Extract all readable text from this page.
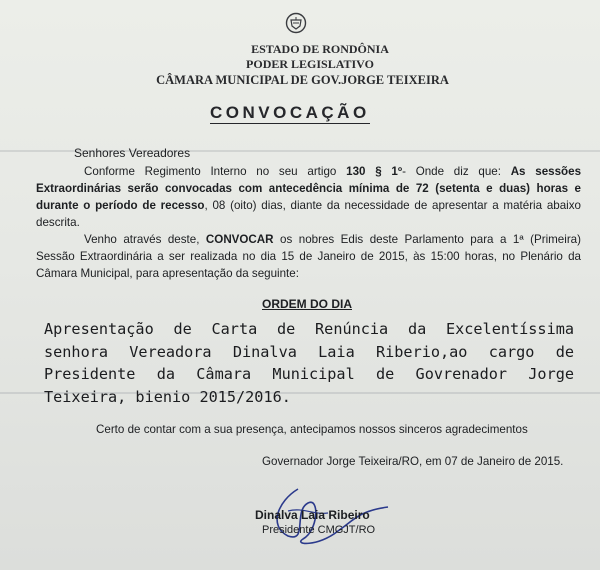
ESTADO DE RONDÔNIA
PODER LEGISLATIVO
CÂMARA MUNICIPAL DE GOV.JORGE TEIXEIRA
CONVOCAÇÃO
Senhores Vereadores

Conforme Regimento Interno no seu artigo 130 § 1º- Onde diz que: As sessões Extraordinárias serão convocadas com antecedência mínima de 72 (setenta e duas) horas e durante o período de recesso, 08 (oito) dias, diante da necessidade de apresentar a matéria abaixo descrita.

Venho através deste, CONVOCAR os nobres Edis deste Parlamento para a 1ª (Primeira) Sessão Extraordinária a ser realizada no dia 15 de Janeiro de 2015, às 15:00 horas, no Plenário da Câmara Municipal, para apresentação da seguinte:

ORDEM DO DIA
Apresentação de Carta de Renúncia da Excelentíssima senhora Vereadora Dinalva Laia Riberio,ao cargo de Presidente da Câmara Municipal de Govrenador Jorge Teixeira, bienio 2015/2016.
Certo de contar com a sua presença, antecipamos nossos sinceros agradecimentos
Governador Jorge Teixeira/RO, em 07 de Janeiro de 2015.
Dinalva Laia Ribeiro
Presidente CMGJT/RO
